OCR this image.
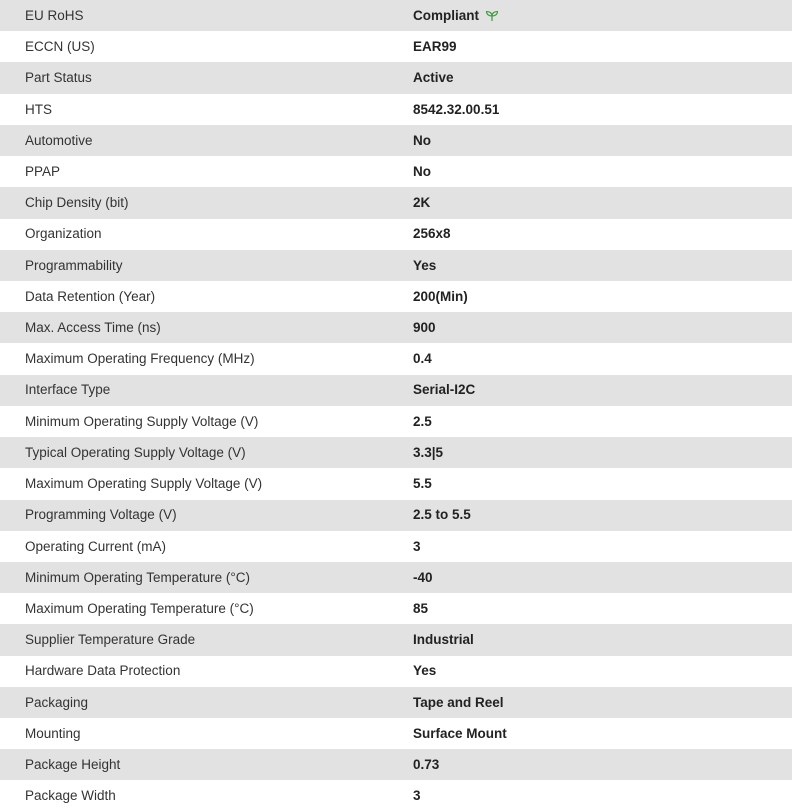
EU RoHS	Compliant
ECCN (US)	EAR99
Part Status	Active
HTS	8542.32.00.51
Automotive	No
PPAP	No
Chip Density (bit)	2K
Organization	256x8
Programmability	Yes
Data Retention (Year)	200(Min)
Max. Access Time (ns)	900
Maximum Operating Frequency (MHz)	0.4
Interface Type	Serial-I2C
Minimum Operating Supply Voltage (V)	2.5
Typical Operating Supply Voltage (V)	3.3|5
Maximum Operating Supply Voltage (V)	5.5
Programming Voltage (V)	2.5 to 5.5
Operating Current (mA)	3
Minimum Operating Temperature (°C)	-40
Maximum Operating Temperature (°C)	85
Supplier Temperature Grade	Industrial
Hardware Data Protection	Yes
Packaging	Tape and Reel
Mounting	Surface Mount
Package Height	0.73
Package Width	3
